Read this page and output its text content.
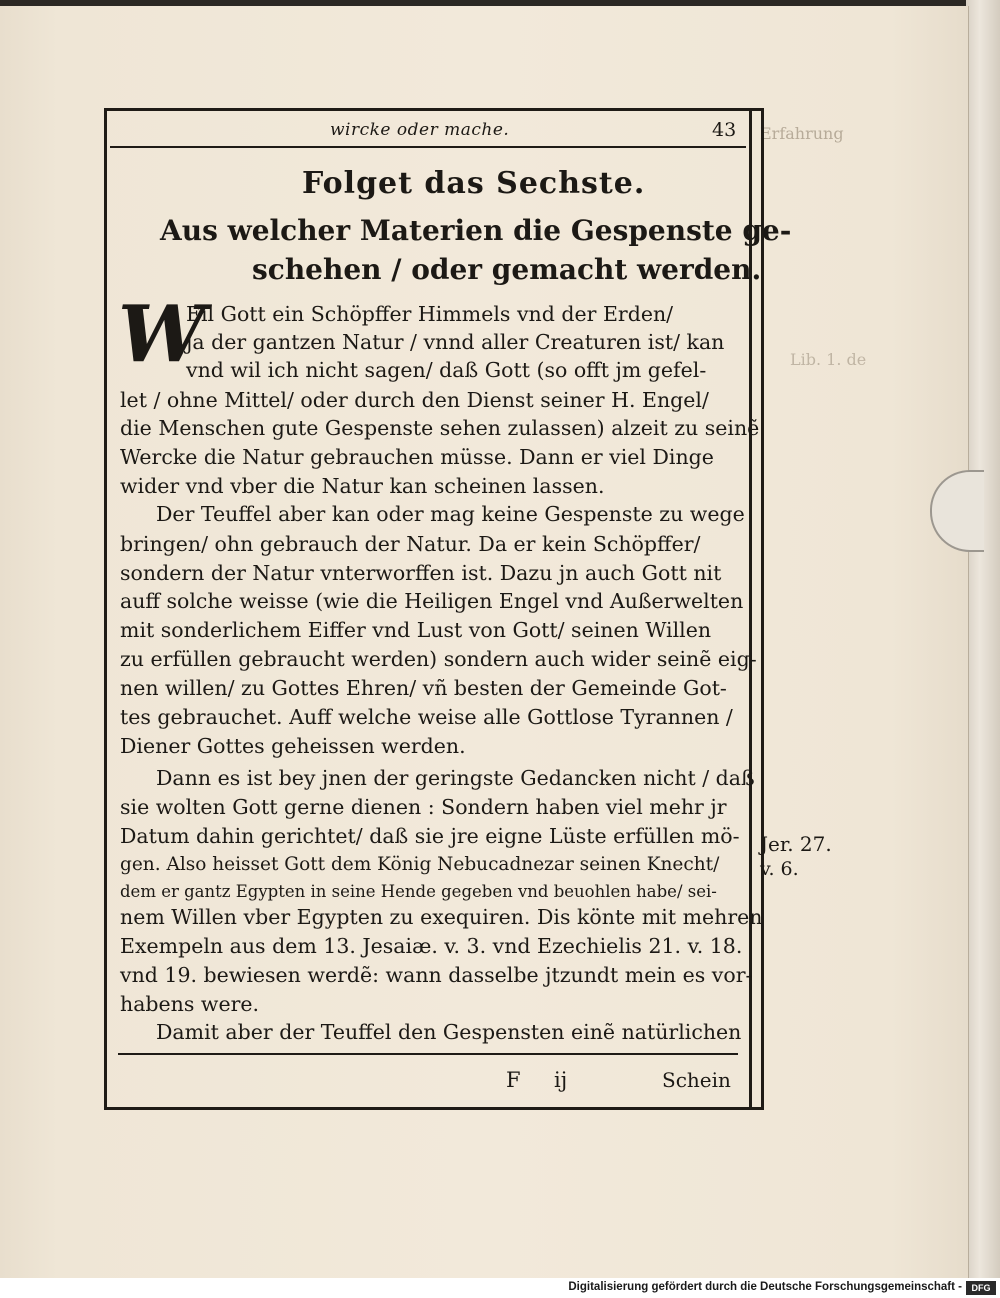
Erfahrung
Lib. 1. de
wircke oder mache.	43
Folget das Sechste.
Aus welcher Materien die Gespenste ge-
schehen / oder gemacht werden.
W
Eil Gott ein Schöpffer Himmels vnd der Erden/
ja der gantzen Natur / vnnd aller Creaturen ist/ kan
vnd wil ich nicht sagen/ daß Gott (so offt jm gefel-
let / ohne Mittel/ oder durch den Dienst seiner H. Engel/
die Menschen gute Gespenste sehen zulassen) alzeit zu seinẽ
Wercke die Natur gebrauchen müsse. Dann er viel Dinge
wider vnd vber die Natur kan scheinen lassen.
Der Teuffel aber kan oder mag keine Gespenste zu wege
bringen/ ohn gebrauch der Natur. Da er kein Schöpffer/
sondern der Natur vnterworffen ist. Dazu jn auch Gott nit
auff solche weisse (wie die Heiligen Engel vnd Außerwelten
mit sonderlichem Eiffer vnd Lust von Gott/ seinen Willen
zu erfüllen gebraucht werden) sondern auch wider seinẽ eig-
nen willen/ zu Gottes Ehren/ vñ besten der Gemeinde Got-
tes gebrauchet. Auff welche weise alle Gottlose Tyrannen /
Diener Gottes geheissen werden.
Dann es ist bey jnen der geringste Gedancken nicht / daß
sie wolten Gott gerne dienen : Sondern haben viel mehr jr
Datum dahin gerichtet/ daß sie jre eigne Lüste erfüllen mö-
gen. Also heisset Gott dem König Nebucadnezar seinen Knecht/
dem er gantz Egypten in seine Hende gegeben vnd beuohlen habe/ sei-
nem Willen vber Egypten zu exequiren. Dis könte mit mehren
Exempeln aus dem 13. Jesaiæ. v. 3. vnd Ezechielis 21. v. 18.
vnd 19. bewiesen werdẽ: wann dasselbe jtzundt mein es vor-
habens were.
Damit aber der Teuffel den Gespensten einẽ natürlichen
Jer. 27.
v. 6.
F ij	Schein
Digitalisierung gefördert durch die Deutsche Forschungsgemeinschaft -	DFG
